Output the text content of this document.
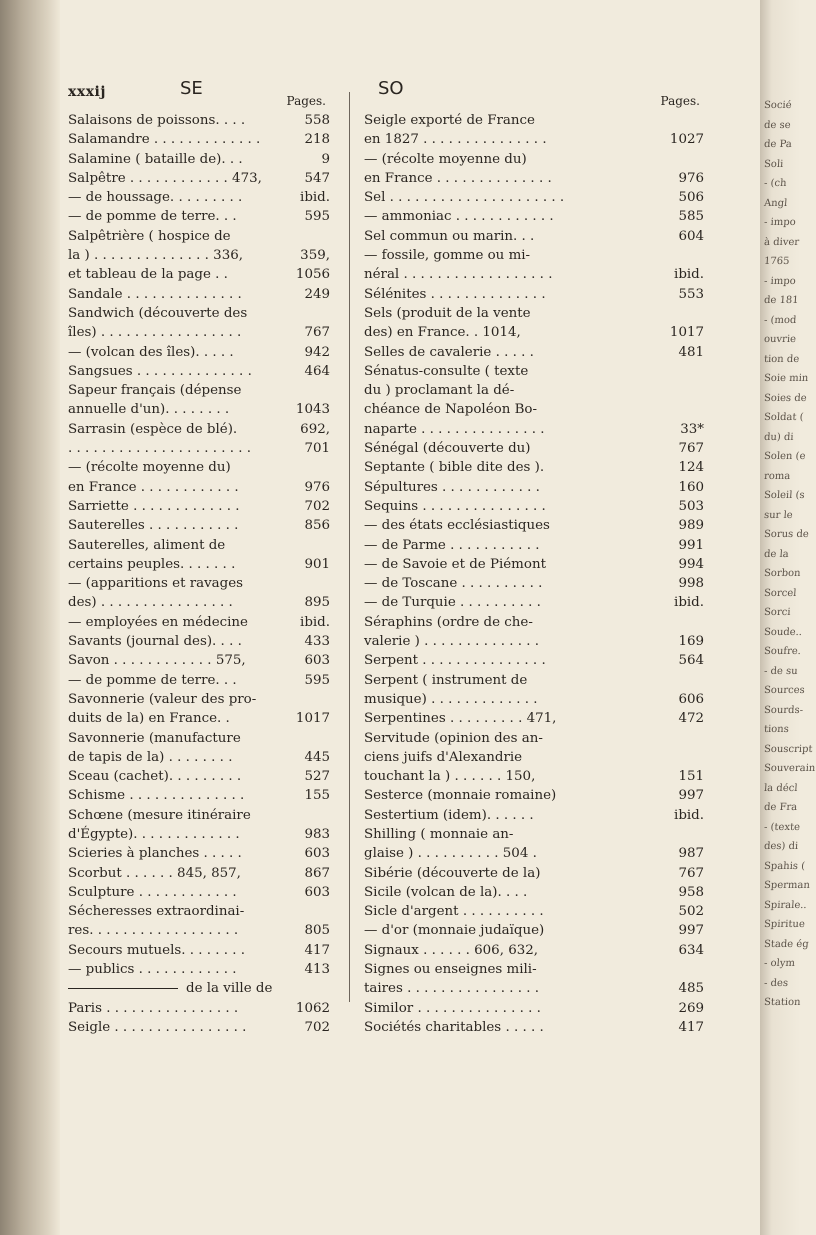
xxxij	SE	SO
Pages.
558
Salaisons de poissons. . . .
218
Salamandre . . . . . . . . . . . . .
9
Salamine ( bataille de). . .
547
Salpêtre . . . . . . . . . . . . 473,
ibid.
— de houssage. . . . . . . . .
595
— de pomme de terre. . .
Salpêtrière ( hospice de
359,
la ) . . . . . . . . . . . . . . 336,
1056
et tableau de la page . .
249
Sandale . . . . . . . . . . . . . .
Sandwich (découverte des
767
îles) . . . . . . . . . . . . . . . . .
942
— (volcan des îles). . . . .
464
Sangsues . . . . . . . . . . . . . .
Sapeur français (dépense
1043
annuelle d'un). . . . . . . .
692,
Sarrasin (espèce de blé).
701
. . . . . . . . . . . . . . . . . . . . . .
— (récolte moyenne du)
976
en France . . . . . . . . . . . .
702
Sarriette . . . . . . . . . . . . .
856
Sauterelles . . . . . . . . . . .
Sauterelles, aliment de
901
certains peuples. . . . . . .
— (apparitions et ravages
895
des) . . . . . . . . . . . . . . . .
ibid.
— employées en médecine
433
Savants (journal des). . . .
603
Savon . . . . . . . . . . . . 575,
595
— de pomme de terre. . .
Savonnerie (valeur des pro-
1017
duits de la) en France. .
Savonnerie (manufacture
445
de tapis de la) . . . . . . . .
527
Sceau (cachet). . . . . . . . .
155
Schisme . . . . . . . . . . . . . .
Schœne (mesure itinéraire
983
d'Égypte). . . . . . . . . . . . .
603
Scieries à planches . . . . .
867
Scorbut . . . . . . 845, 857,
603
Sculpture . . . . . . . . . . . .
Sécheresses extraordinai-
805
res. . . . . . . . . . . . . . . . . .
417
Secours mutuels. . . . . . . .
413
— publics . . . . . . . . . . . .
de la ville de
1062
Paris . . . . . . . . . . . . . . . .
702
Seigle . . . . . . . . . . . . . . . .
Pages.
Seigle exporté de France
1027
en 1827 . . . . . . . . . . . . . . .
— (récolte moyenne du)
976
en France . . . . . . . . . . . . . .
506
Sel . . . . . . . . . . . . . . . . . . . . .
585
— ammoniac . . . . . . . . . . . .
604
Sel commun ou marin. . .
— fossile, gomme ou mi-
ibid.
néral . . . . . . . . . . . . . . . . . .
553
Sélénites . . . . . . . . . . . . . .
Sels (produit de la vente
1017
des) en France. . 1014,
481
Selles de cavalerie . . . . .
Sénatus-consulte ( texte
du ) proclamant la dé-
chéance de Napoléon Bo-
33*
naparte . . . . . . . . . . . . . . .
767
Sénégal (découverte du)
124
Septante ( bible dite des ).
160
Sépultures . . . . . . . . . . . .
503
Sequins . . . . . . . . . . . . . . .
989
— des états ecclésiastiques
991
— de Parme . . . . . . . . . . .
994
— de Savoie et de Piémont
998
— de Toscane . . . . . . . . . .
ibid.
— de Turquie . . . . . . . . . .
Séraphins (ordre de che-
169
valerie ) . . . . . . . . . . . . . .
564
Serpent . . . . . . . . . . . . . . .
Serpent ( instrument de
606
musique) . . . . . . . . . . . . .
472
Serpentines . . . . . . . . . 471,
Servitude (opinion des an-
ciens juifs d'Alexandrie
151
touchant la ) . . . . . . 150,
997
Sesterce (monnaie romaine)
ibid.
Sestertium (idem). . . . . .
Shilling ( monnaie an-
987
glaise ) . . . . . . . . . . 504 .
767
Sibérie (découverte de la)
958
Sicile (volcan de la). . . .
502
Sicle d'argent . . . . . . . . . .
997
— d'or (monnaie judaïque)
634
Signaux . . . . . . 606, 632,
Signes ou enseignes mili-
485
taires . . . . . . . . . . . . . . . .
269
Similor . . . . . . . . . . . . . . .
417
Sociétés charitables . . . . .
Socié
de se
de Pa
Soli
- (ch
Angl
- impo
à diver
1765
- impo
de 181
- (mod
ouvrie
tion de
Soie min
Soies de
Soldat (
du) di
Solen (e
roma
Soleil (s
sur le
Sorus de
de la
Sorbon
Sorcel
Sorci
Soude..
Soufre.
- de su
Sources
Sourds-
tions
Souscript
Souverain
la décl
de Fra
- (texte
des) di
Spahis (
Sperman
Spirale..
Spiritue
Stade ég
- olym
- des
Station
